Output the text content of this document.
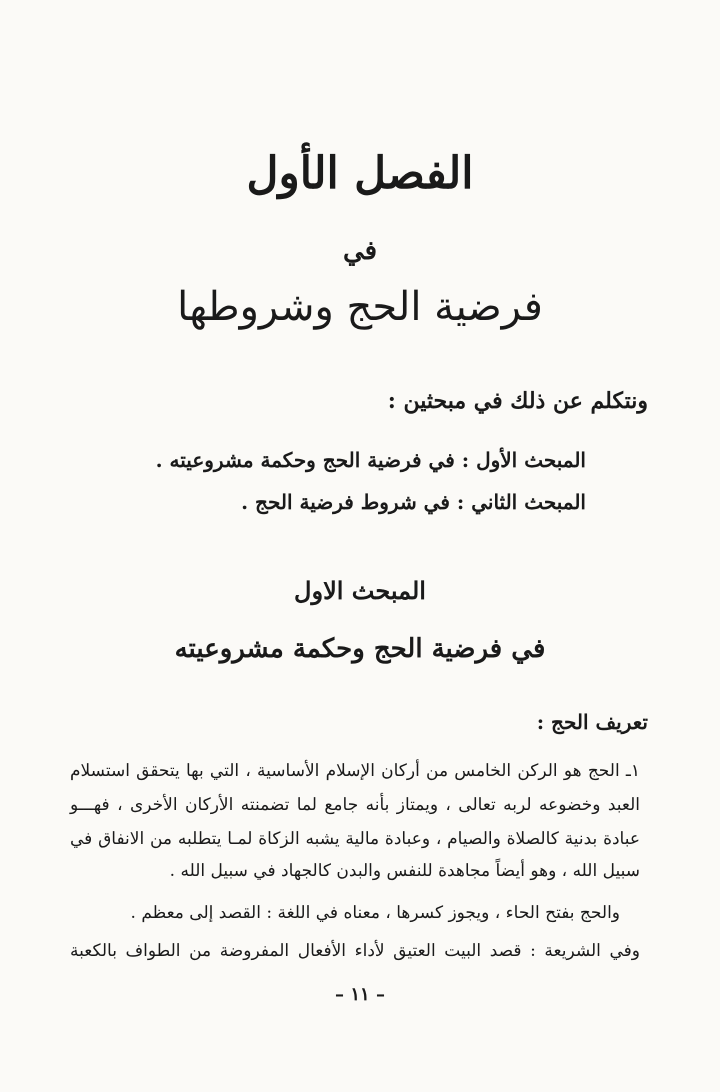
الفصل الأول
في
فرضية الحج وشروطها
ونتكلم عن ذلك في مبحثين :
المبحث الأول : في فرضية الحج وحكمة مشروعيته .
المبحث الثاني : في شروط فرضية الحج .
المبحث الاول
في فرضية الحج وحكمة مشروعيته
تعريف الحج :
١ـ الحج هو الركن الخامس من أركان الإسلام الأساسية ، التي بها يتحقق استسلام
العبد وخضوعه لربه تعالى ، ويمتاز بأنه جامع لما تضمنته الأركان الأخرى ، فهـــو
عبادة بدنية كالصلاة والصيام ، وعبادة مالية يشبه الزكاة لمـا يتطلبه من الانفاق في
سبيل الله ، وهو أيضاً مجاهدة للنفس والبدن كالجهاد في سبيل الله .
والحج بفتح الحاء ، ويجوز كسرها ، معناه في اللغة : القصد إلى معظم .
وفي الشريعة : قصد البيت العتيق لأداء الأفعال المفروضة من الطواف بالكعبة
– ١١ –
